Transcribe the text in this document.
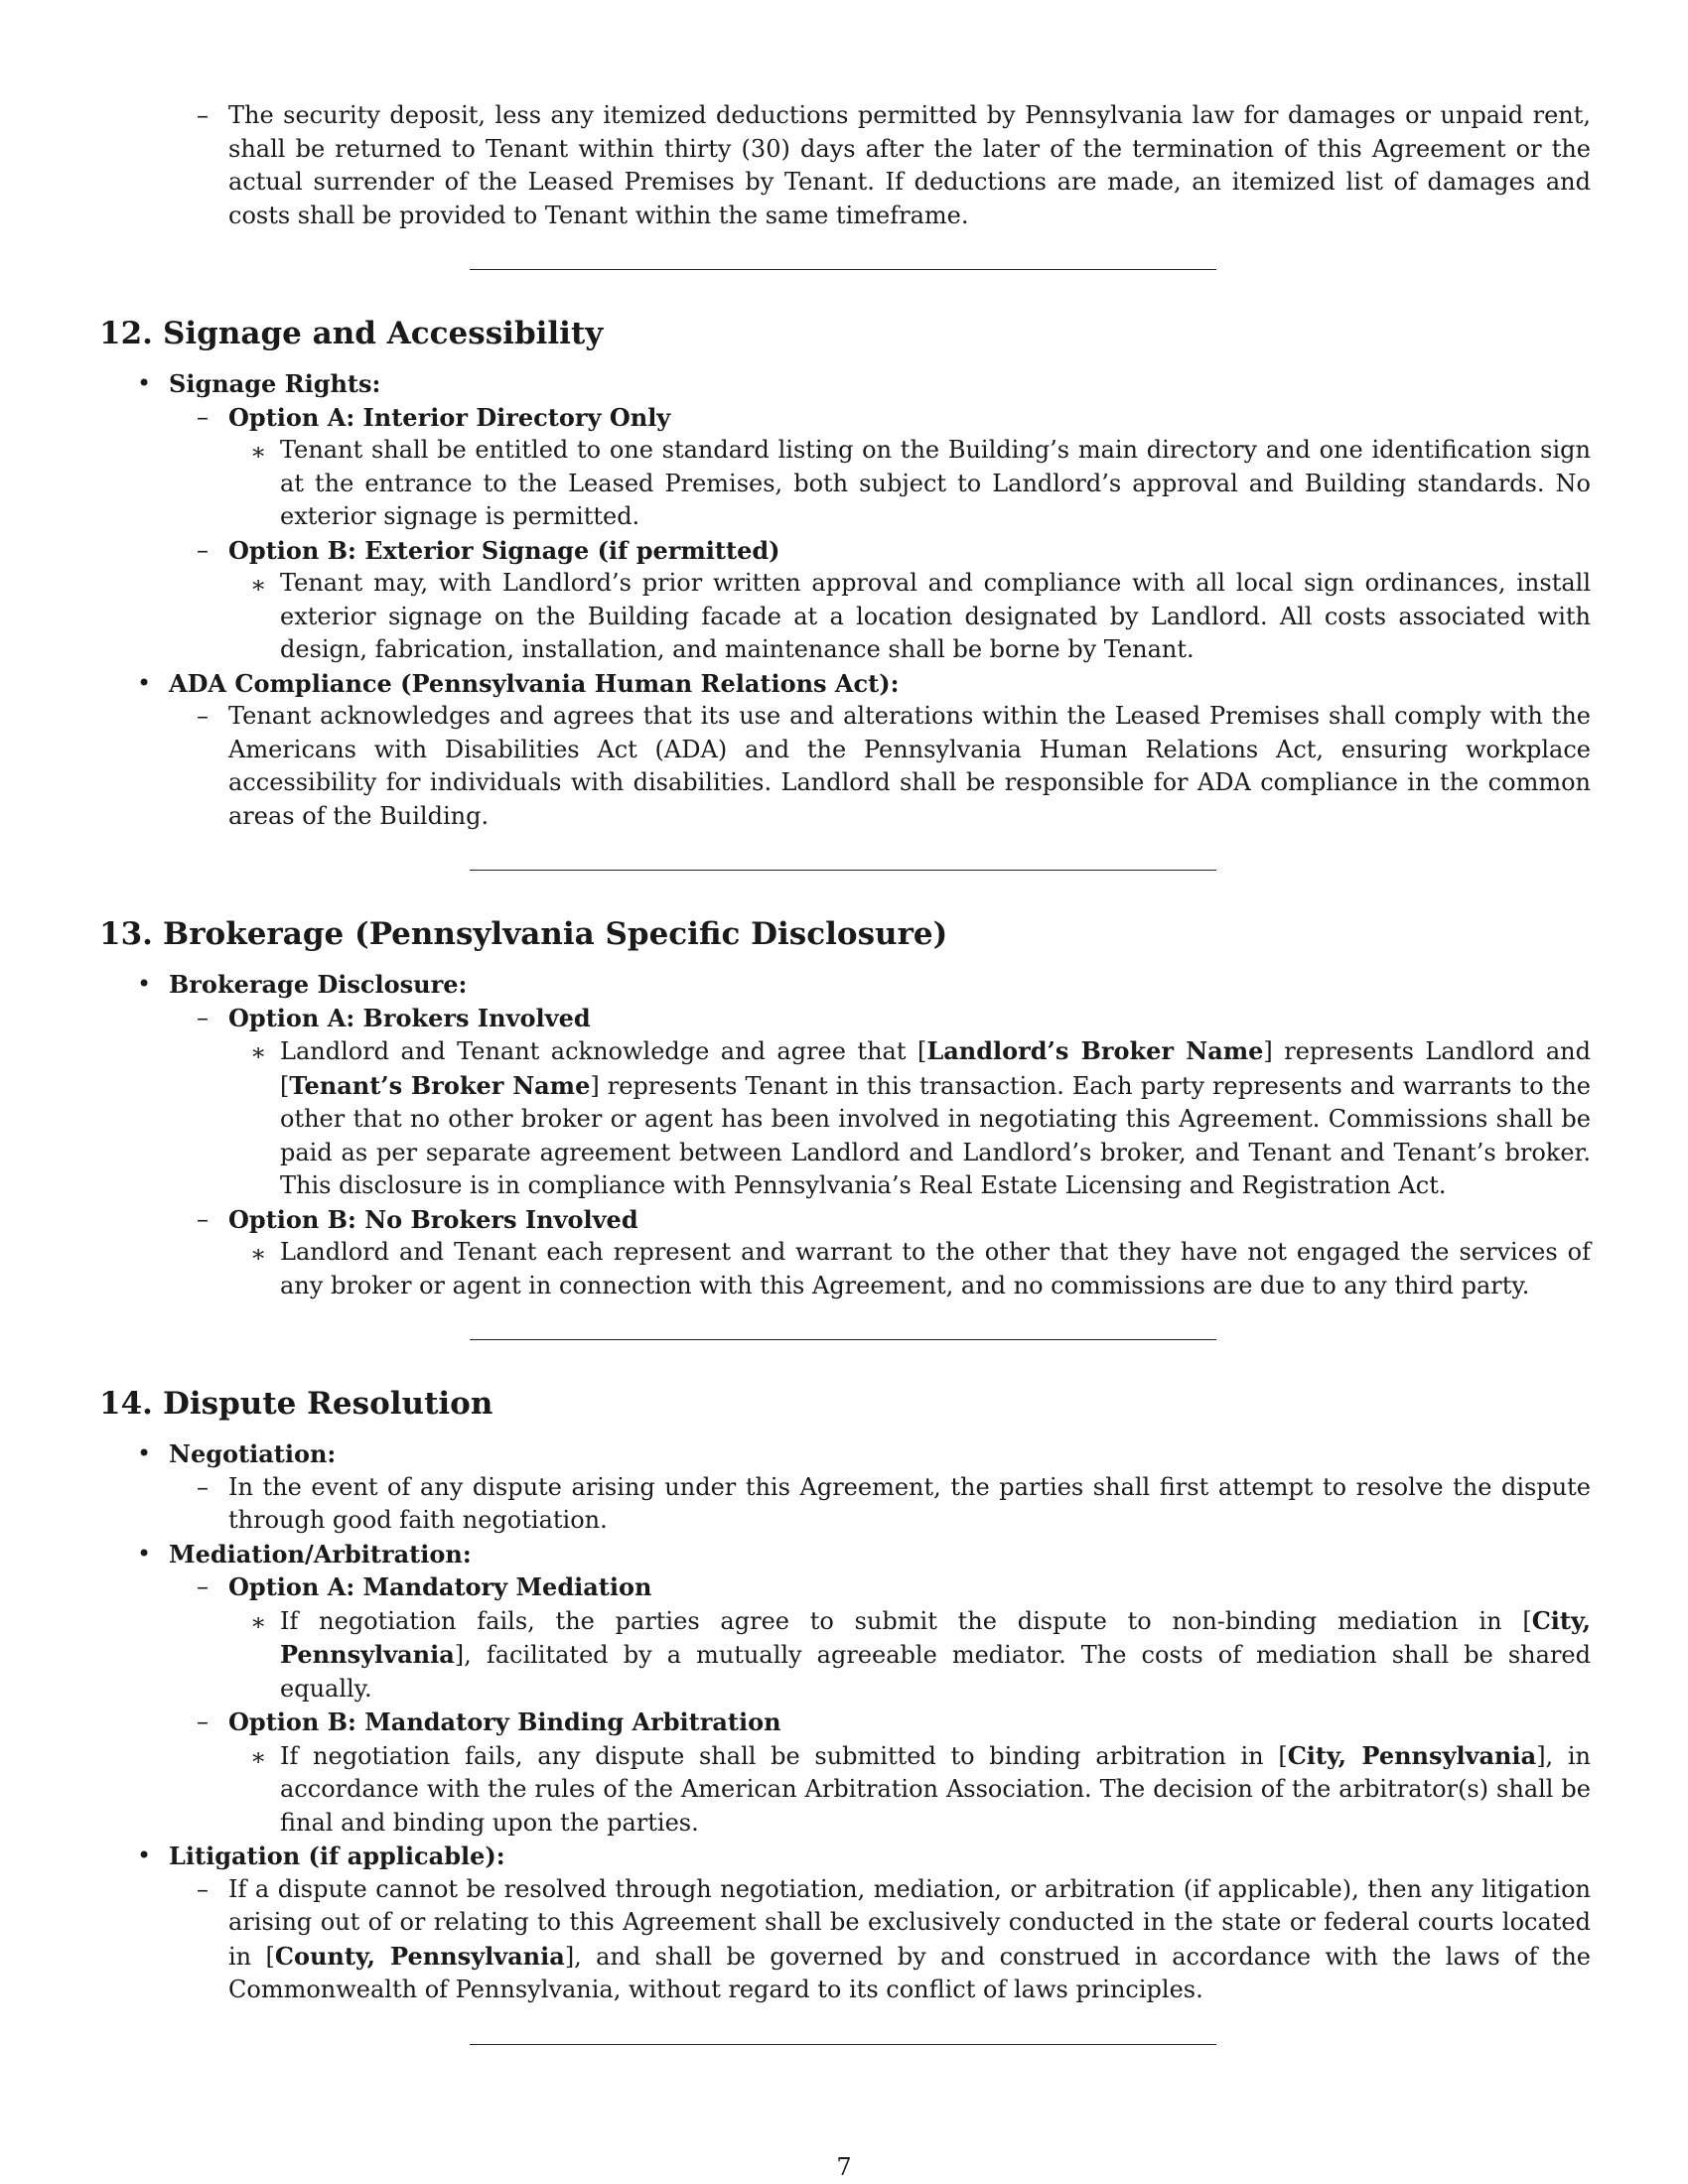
– The security deposit, less any itemized deductions permitted by Pennsylvania law for damages or unpaid rent, shall be returned to Tenant within thirty (30) days after the later of the termination of this Agreement or the actual surrender of the Leased Premises by Tenant. If deductions are made, an itemized list of damages and costs shall be provided to Tenant within the same timeframe.

12. Signage and Accessibility
• Signage Rights:

– Option A: Interior Directory Only

∗ Tenant shall be entitled to one standard listing on the Building’s main directory and one identification sign at the entrance to the Leased Premises, both subject to Landlord’s approval and Building standards. No exterior signage is permitted.

– Option B: Exterior Signage (if permitted)

∗ Tenant may, with Landlord’s prior written approval and compliance with all local sign ordinances, install exterior signage on the Building facade at a location designated by Landlord. All costs associated with design, fabrication, installation, and maintenance shall be borne by Tenant.

• ADA Compliance (Pennsylvania Human Relations Act):

– Tenant acknowledges and agrees that its use and alterations within the Leased Premises shall comply with the Americans with Disabilities Act (ADA) and the Pennsylvania Human Relations Act, ensuring workplace accessibility for individuals with disabilities. Landlord shall be responsible for ADA compliance in the common areas of the Building.

13. Brokerage (Pennsylvania Specific Disclosure)
• Brokerage Disclosure:

– Option A: Brokers Involved

∗ Landlord and Tenant acknowledge and agree that [Landlord’s Broker Name] represents Landlord and [Tenant’s Broker Name] represents Tenant in this transaction. Each party represents and warrants to the other that no other broker or agent has been involved in negotiating this Agreement. Commissions shall be paid as per separate agreement between Landlord and Landlord’s broker, and Tenant and Tenant’s broker. This disclosure is in compliance with Pennsylvania’s Real Estate Licensing and Registration Act.

– Option B: No Brokers Involved

∗ Landlord and Tenant each represent and warrant to the other that they have not engaged the services of any broker or agent in connection with this Agreement, and no commissions are due to any third party.

14. Dispute Resolution
• Negotiation:

– In the event of any dispute arising under this Agreement, the parties shall first attempt to resolve the dispute through good faith negotiation.

• Mediation/Arbitration:

– Option A: Mandatory Mediation

∗ If negotiation fails, the parties agree to submit the dispute to non-binding mediation in [City, Pennsylvania], facilitated by a mutually agreeable mediator. The costs of mediation shall be shared equally.

– Option B: Mandatory Binding Arbitration

∗ If negotiation fails, any dispute shall be submitted to binding arbitration in [City, Pennsylvania], in accordance with the rules of the American Arbitration Association. The decision of the arbitrator(s) shall be final and binding upon the parties.

• Litigation (if applicable):

– If a dispute cannot be resolved through negotiation, mediation, or arbitration (if applicable), then any litigation arising out of or relating to this Agreement shall be exclusively conducted in the state or federal courts located in [County, Pennsylvania], and shall be governed by and construed in accordance with the laws of the Commonwealth of Pennsylvania, without regard to its conflict of laws principles.

7
